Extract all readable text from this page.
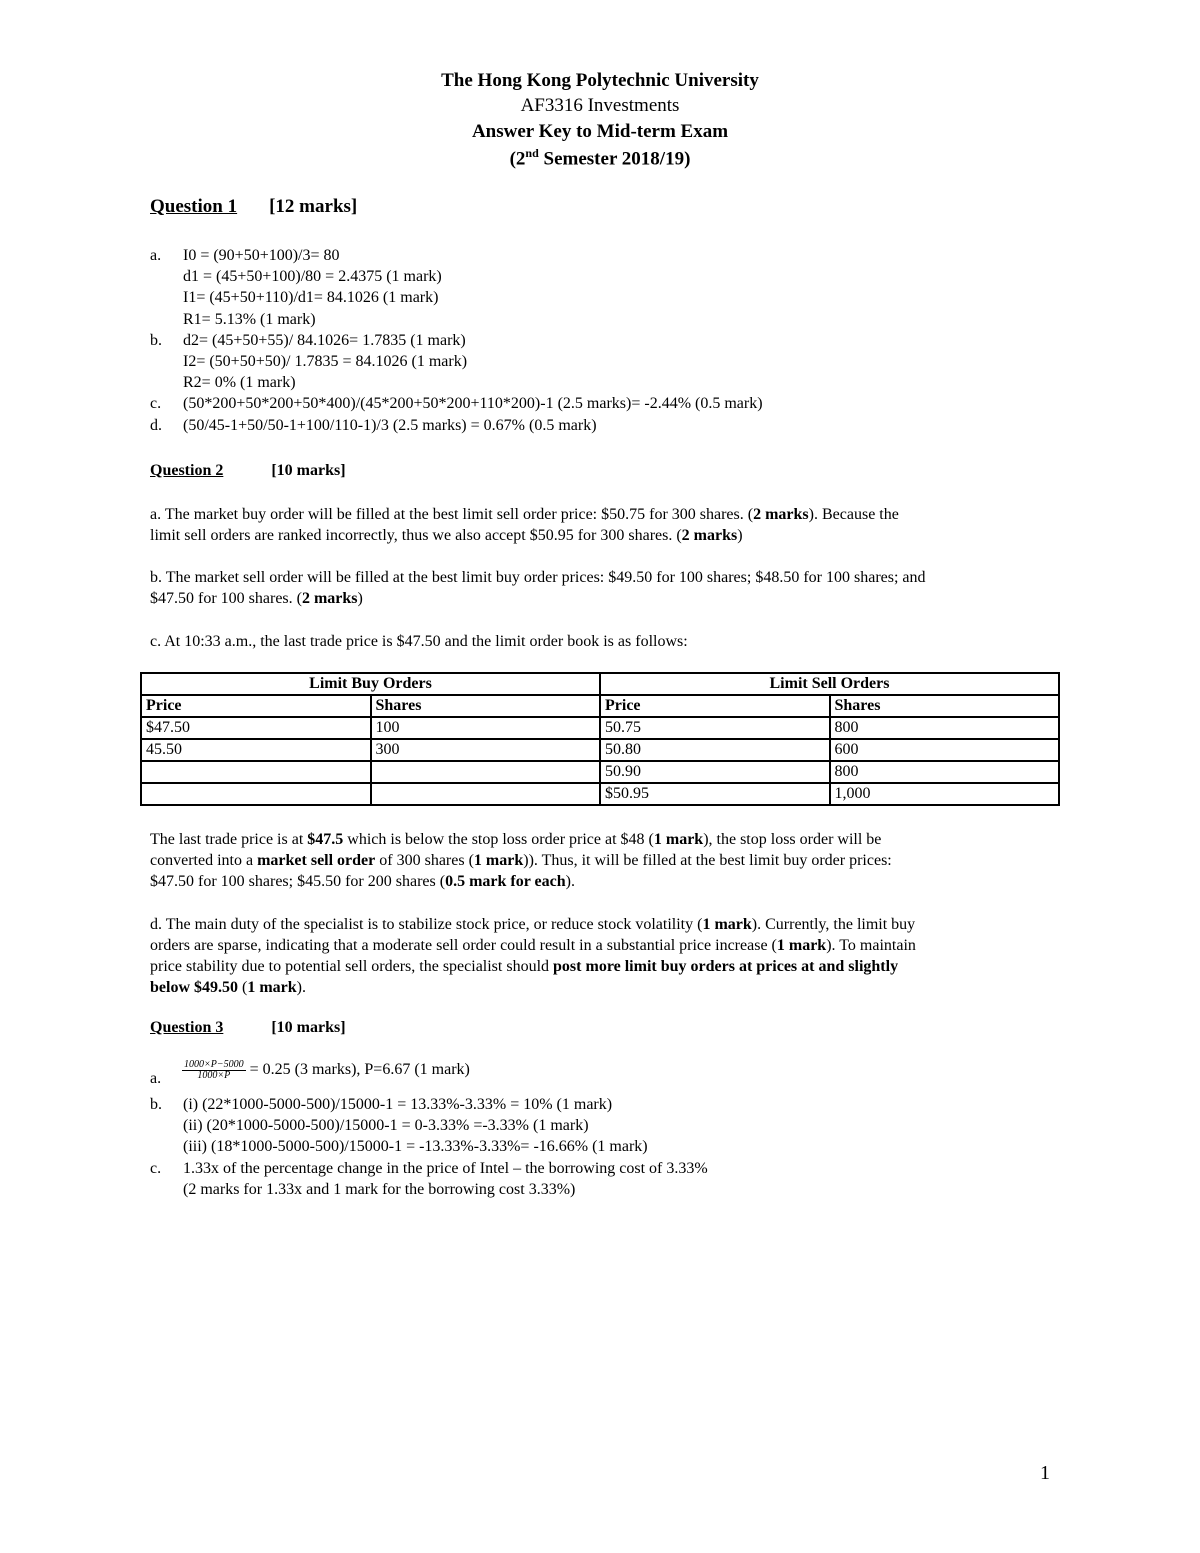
The Hong Kong Polytechnic University
AF3316 Investments
Answer Key to Mid-term Exam
(2nd Semester 2018/19)
Question 1 [12 marks]
a. I0 = (90+50+100)/3= 80
d1 = (45+50+100)/80 = 2.4375 (1 mark)
I1= (45+50+110)/d1= 84.1026 (1 mark)
R1= 5.13% (1 mark)
b. d2= (45+50+55)/ 84.1026= 1.7835 (1 mark)
I2= (50+50+50)/ 1.7835 = 84.1026 (1 mark)
R2= 0% (1 mark)
c. (50*200+50*200+50*400)/(45*200+50*200+110*200)-1 (2.5 marks)= -2.44% (0.5 mark)
d. (50/45-1+50/50-1+100/110-1)/3 (2.5 marks) = 0.67% (0.5 mark)
Question 2	[10 marks]
a. The market buy order will be filled at the best limit sell order price: $50.75 for 300 shares. (2 marks). Because the
limit sell orders are ranked incorrectly, thus we also accept $50.95 for 300 shares. (2 marks)
b. The market sell order will be filled at the best limit buy order prices: $49.50 for 100 shares; $48.50 for 100 shares; and
$47.50 for 100 shares. (2 marks)
c. At 10:33 a.m., the last trade price is $47.50 and the limit order book is as follows:
Limit Buy Orders		Limit Sell Orders	
Price	Shares	Price	Shares
$47.50	100	50.75	800
45.50	300	50.80	600
		50.90	800
		$50.95	1,000
The last trade price is at $47.5 which is below the stop loss order price at $48 (1 mark), the stop loss order will be
converted into a market sell order of 300 shares (1 mark)). Thus, it will be filled at the best limit buy order prices:
$47.50 for 100 shares; $45.50 for 200 shares (0.5 mark for each).
d. The main duty of the specialist is to stabilize stock price, or reduce stock volatility (1 mark). Currently, the limit buy
orders are sparse, indicating that a moderate sell order could result in a substantial price increase (1 mark). To maintain
price stability due to potential sell orders, the specialist should post more limit buy orders at prices at and slightly
below $49.50 (1 mark).
Question 3	[10 marks]
a. $\frac{1000\times P-5000}{1000\times P} = 0.25$ (3 marks), P=6.67 (1 mark)
b. (i) (22*1000-5000-500)/15000-1 = 13.33%-3.33% = 10% (1 mark)
(ii) (20*1000-5000-500)/15000-1 = 0-3.33% =-3.33% (1 mark)
(iii) (18*1000-5000-500)/15000-1 = -13.33%-3.33%= -16.66% (1 mark)
c. 1.33x of the percentage change in the price of Intel – the borrowing cost of 3.33%
(2 marks for 1.33x and 1 mark for the borrowing cost 3.33%)
1
